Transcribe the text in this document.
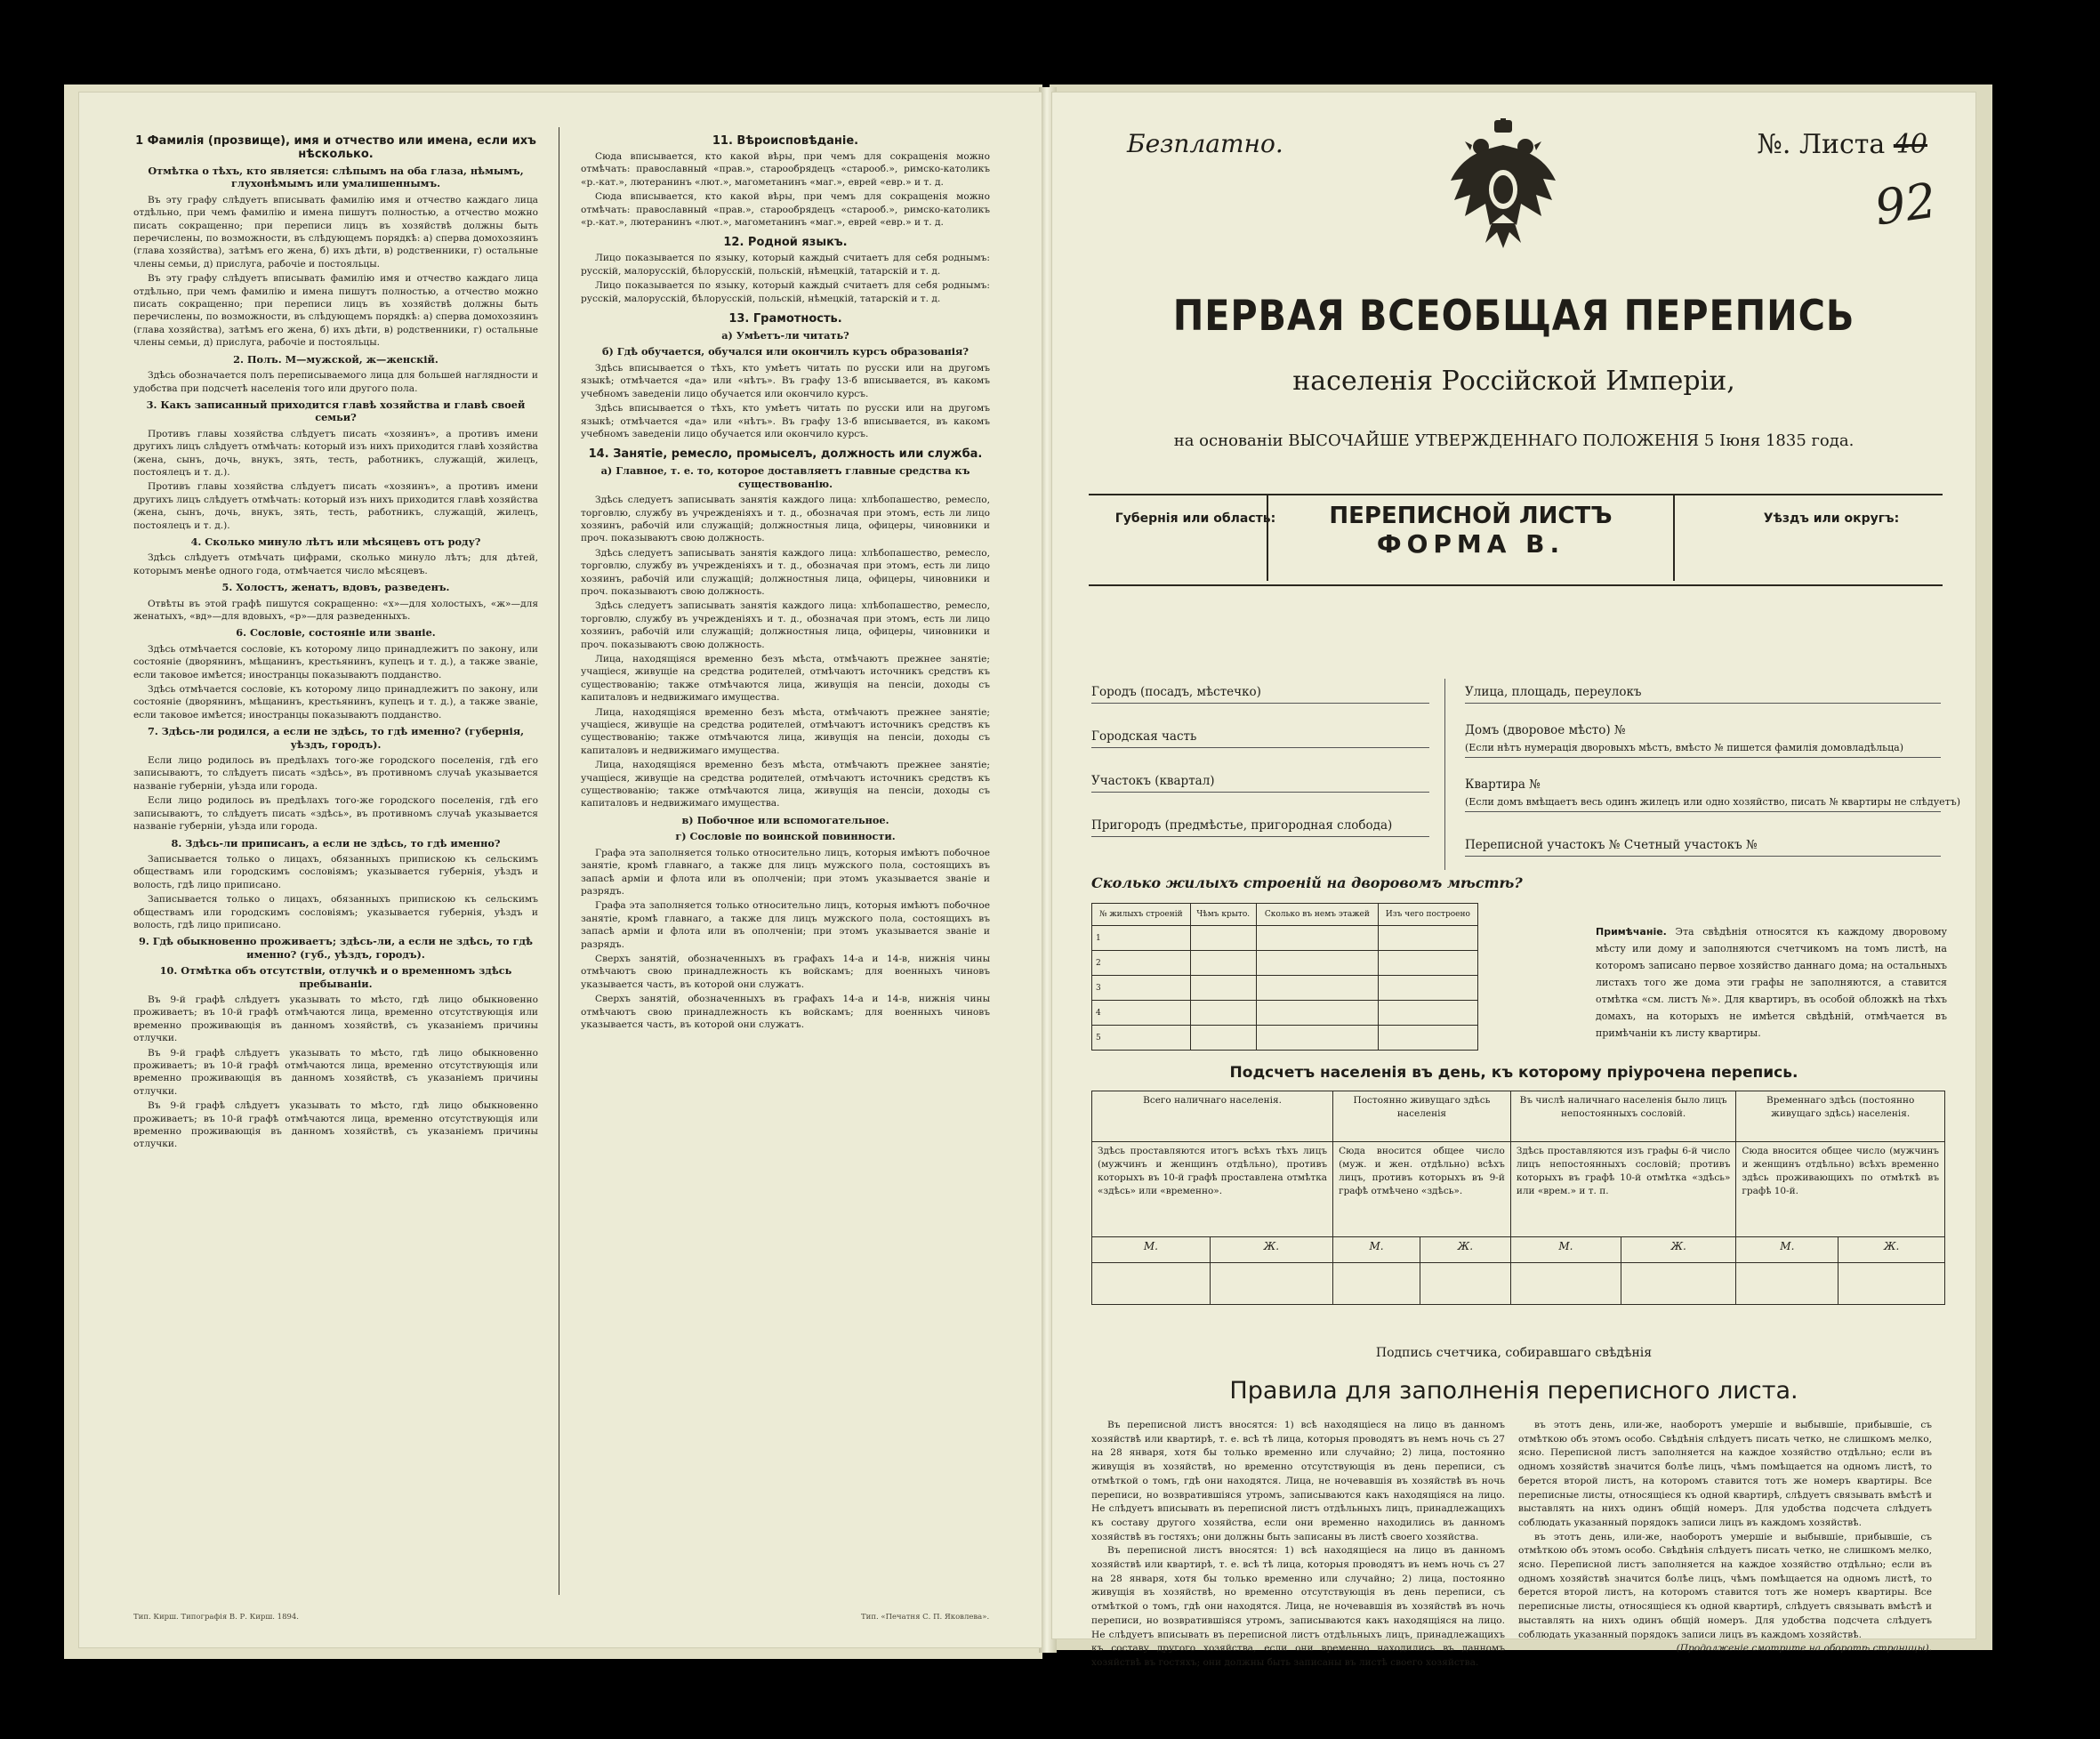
1 Фамилія (прозвище), имя и отчество или имена, если ихъ нѣсколько.

Отмѣтка о тѣхъ, кто является: слѣпымъ на оба глаза, нѣмымъ, глухонѣмымъ или умалишеннымъ.

Въ эту графу слѣдуетъ вписывать фамилію имя и отчество каждаго лица отдѣльно, при чемъ фамилію и имена пишутъ полностью, а отчество можно писать сокращенно; при переписи лицъ въ хозяйствѣ должны быть перечислены, по возможности, въ слѣдующемъ порядкѣ: а) сперва домохозяинъ (глава хозяйства), затѣмъ его жена, б) ихъ дѣти, в) родственники, г) остальные члены семьи, д) прислуга, рабочіе и постояльцы.

Въ эту графу слѣдуетъ вписывать фамилію имя и отчество каждаго лица отдѣльно, при чемъ фамилію и имена пишутъ полностью, а отчество можно писать сокращенно; при переписи лицъ въ хозяйствѣ должны быть перечислены, по возможности, въ слѣдующемъ порядкѣ: а) сперва домохозяинъ (глава хозяйства), затѣмъ его жена, б) ихъ дѣти, в) родственники, г) остальные члены семьи, д) прислуга, рабочіе и постояльцы.

2. Полъ. М—мужской, ж—женскій.

Здѣсь обозначается полъ переписываемого лица для большей наглядности и удобства при подсчетѣ населенія того или другого пола.

3. Какъ записанный приходится главѣ хозяйства и главѣ своей семьи?

Противъ главы хозяйства слѣдуетъ писать «хозяинъ», а противъ имени другихъ лицъ слѣдуетъ отмѣчать: который изъ нихъ приходится главѣ хозяйства (жена, сынъ, дочь, внукъ, зять, тесть, работникъ, служащій, жилецъ, постоялецъ и т. д.).

Противъ главы хозяйства слѣдуетъ писать «хозяинъ», а противъ имени другихъ лицъ слѣдуетъ отмѣчать: который изъ нихъ приходится главѣ хозяйства (жена, сынъ, дочь, внукъ, зять, тесть, работникъ, служащій, жилецъ, постоялецъ и т. д.).

4. Сколько минуло лѣтъ или мѣсяцевъ отъ роду?

Здѣсь слѣдуетъ отмѣчать цифрами, сколько минуло лѣтъ; для дѣтей, которымъ менѣе одного года, отмѣчается число мѣсяцевъ.

5. Холостъ, женатъ, вдовъ, разведенъ.

Отвѣты въ этой графѣ пишутся сокращенно: «х»—для холостыхъ, «ж»—для женатыхъ, «вд»—для вдовыхъ, «р»—для разведенныхъ.

6. Сословіе, состояніе или званіе.

Здѣсь отмѣчается сословіе, къ которому лицо принадлежитъ по закону, или состояніе (дворянинъ, мѣщанинъ, крестьянинъ, купецъ и т. д.), а также званіе, если таковое имѣется; иностранцы показываютъ подданство.

Здѣсь отмѣчается сословіе, къ которому лицо принадлежитъ по закону, или состояніе (дворянинъ, мѣщанинъ, крестьянинъ, купецъ и т. д.), а также званіе, если таковое имѣется; иностранцы показываютъ подданство.

7. Здѣсь-ли родился, а если не здѣсь, то гдѣ именно? (губернія, уѣздъ, городъ).

Если лицо родилось въ предѣлахъ того-же городского поселенія, гдѣ его записываютъ, то слѣдуетъ писать «здѣсь», въ противномъ случаѣ указывается названіе губерніи, уѣзда или города.

Если лицо родилось въ предѣлахъ того-же городского поселенія, гдѣ его записываютъ, то слѣдуетъ писать «здѣсь», въ противномъ случаѣ указывается названіе губерніи, уѣзда или города.

8. Здѣсь-ли приписанъ, а если не здѣсь, то гдѣ именно?

Записывается только о лицахъ, обязанныхъ припискою къ сельскимъ обществамъ или городскимъ сословіямъ; указывается губернія, уѣздъ и волость, гдѣ лицо приписано.

Записывается только о лицахъ, обязанныхъ припискою къ сельскимъ обществамъ или городскимъ сословіямъ; указывается губернія, уѣздъ и волость, гдѣ лицо приписано.

9. Гдѣ обыкновенно проживаетъ; здѣсь-ли, а если не здѣсь, то гдѣ именно? (губ., уѣздъ, городъ).

10. Отмѣтка объ отсутствіи, отлучкѣ и о временномъ здѣсь пребываніи.

Въ 9-й графѣ слѣдуетъ указывать то мѣсто, гдѣ лицо обыкновенно проживаетъ; въ 10-й графѣ отмѣчаются лица, временно отсутствующія или временно проживающія въ данномъ хозяйствѣ, съ указаніемъ причины отлучки.

Въ 9-й графѣ слѣдуетъ указывать то мѣсто, гдѣ лицо обыкновенно проживаетъ; въ 10-й графѣ отмѣчаются лица, временно отсутствующія или временно проживающія въ данномъ хозяйствѣ, съ указаніемъ причины отлучки.

Въ 9-й графѣ слѣдуетъ указывать то мѣсто, гдѣ лицо обыкновенно проживаетъ; въ 10-й графѣ отмѣчаются лица, временно отсутствующія или временно проживающія въ данномъ хозяйствѣ, съ указаніемъ причины отлучки.

11. Вѣроисповѣданіе.

Сюда вписывается, кто какой вѣры, при чемъ для сокращенія можно отмѣчать: православный «прав.», старообрядецъ «старооб.», римско-католикъ «р.-кат.», лютеранинъ «лют.», магометанинъ «маг.», еврей «евр.» и т. д.

Сюда вписывается, кто какой вѣры, при чемъ для сокращенія можно отмѣчать: православный «прав.», старообрядецъ «старооб.», римско-католикъ «р.-кат.», лютеранинъ «лют.», магометанинъ «маг.», еврей «евр.» и т. д.

12. Родной языкъ.

Лицо показывается по языку, который каждый считаетъ для себя роднымъ: русскій, малорусскій, бѣлорусскій, польскій, нѣмецкій, татарскій и т. д.

Лицо показывается по языку, который каждый считаетъ для себя роднымъ: русскій, малорусскій, бѣлорусскій, польскій, нѣмецкій, татарскій и т. д.

13. Грамотность.

а) Умѣетъ-ли читать?

б) Гдѣ обучается, обучался или окончилъ курсъ образованія?

Здѣсь вписывается о тѣхъ, кто умѣетъ читать по русски или на другомъ языкѣ; отмѣчается «да» или «нѣтъ». Въ графу 13-б вписывается, въ какомъ учебномъ заведеніи лицо обучается или окончило курсъ.

Здѣсь вписывается о тѣхъ, кто умѣетъ читать по русски или на другомъ языкѣ; отмѣчается «да» или «нѣтъ». Въ графу 13-б вписывается, въ какомъ учебномъ заведеніи лицо обучается или окончило курсъ.

14. Занятіе, ремесло, промыселъ, должность или служба.

а) Главное, т. е. то, которое доставляетъ главные средства къ существованію.

Здѣсь следуетъ записывать занятія каждого лица: хлѣбопашество, ремесло, торговлю, службу въ учрежденіяхъ и т. д., обозначая при этомъ, есть ли лицо хозяинъ, рабочій или служащій; должностныя лица, офицеры, чиновники и проч. показываютъ свою должность.

Здѣсь следуетъ записывать занятія каждого лица: хлѣбопашество, ремесло, торговлю, службу въ учрежденіяхъ и т. д., обозначая при этомъ, есть ли лицо хозяинъ, рабочій или служащій; должностныя лица, офицеры, чиновники и проч. показываютъ свою должность.

Здѣсь следуетъ записывать занятія каждого лица: хлѣбопашество, ремесло, торговлю, службу въ учрежденіяхъ и т. д., обозначая при этомъ, есть ли лицо хозяинъ, рабочій или служащій; должностныя лица, офицеры, чиновники и проч. показываютъ свою должность.

Лица, находящіяся временно безъ мѣста, отмѣчаютъ прежнее занятіе; учащіеся, живущіе на средства родителей, отмѣчаютъ источникъ средствъ къ существованію; также отмѣчаются лица, живущія на пенсіи, доходы съ капиталовъ и недвижимаго имущества.

Лица, находящіяся временно безъ мѣста, отмѣчаютъ прежнее занятіе; учащіеся, живущіе на средства родителей, отмѣчаютъ источникъ средствъ къ существованію; также отмѣчаются лица, живущія на пенсіи, доходы съ капиталовъ и недвижимаго имущества.

Лица, находящіяся временно безъ мѣста, отмѣчаютъ прежнее занятіе; учащіеся, живущіе на средства родителей, отмѣчаютъ источникъ средствъ къ существованію; также отмѣчаются лица, живущія на пенсіи, доходы съ капиталовъ и недвижимаго имущества.

в) Побочное или вспомогательное.

г) Сословіе по воинской повинности.

Графа эта заполняется только относительно лицъ, которыя имѣютъ побочное занятіе, кромѣ главнаго, а также для лицъ мужского пола, состоящихъ въ запасѣ арміи и флота или въ ополченіи; при этомъ указывается званіе и разрядъ.

Графа эта заполняется только относительно лицъ, которыя имѣютъ побочное занятіе, кромѣ главнаго, а также для лицъ мужского пола, состоящихъ въ запасѣ арміи и флота или въ ополченіи; при этомъ указывается званіе и разрядъ.

Сверхъ занятій, обозначенныхъ въ графахъ 14-а и 14-в, нижнія чины отмѣчаютъ свою принадлежность къ войскамъ; для военныхъ чиновъ указывается часть, въ которой они служатъ.

Сверхъ занятій, обозначенныхъ въ графахъ 14-а и 14-в, нижнія чины отмѣчаютъ свою принадлежность къ войскамъ; для военныхъ чиновъ указывается часть, въ которой они служатъ.

Тип. Кирш. Типографія В. Р. Кирш. 1894.	Тип. «Печатня С. П. Яковлева».
Безплатно.	№. Листа 40
92
ПЕРВАЯ ВСЕОБЩАЯ ПЕРЕПИСЬ
населенія Россійской Имперіи,
на основаніи ВЫСОЧАЙШЕ УТВЕРЖДЕННАГО ПОЛОЖЕНІЯ 5 Іюня 1835 года.
Губернія или область:	ПЕРЕПИСНОЙ ЛИСТЪ
ФОРМА В.
Уѣздъ или округъ:
Городъ (посадъ, мѣстечко)
Городская часть
Участокъ (квартал)
Пригородъ (предмѣстье, пригородная слобода)
Улица, площадь, переулокъ
Домъ (дворовое мѣсто) №
(Если нѣтъ нумерація дворовыхъ мѣстъ, вмѣсто № пишется фамилія домовладѣльца)
Квартира №
(Если домъ вмѣщаетъ весь одинъ жилецъ или одно хозяйство, писать № квартиры не слѣдуетъ)
Переписной участокъ № Счетный участокъ №
Сколько жилыхъ строеній на дворовомъ мѣстѣ?
№ жилыхъ строеній	Чѣмъ крыто.	Сколько въ немъ этажей	Изъ чего построено
1			
2			
3			
4			
5			
Примѣчаніе. Эта свѣдѣнія относятся къ каждому дворовому мѣсту или дому и заполняются счетчикомъ на томъ листѣ, на которомъ записано первое хозяйство даннаго дома; на остальныхъ листахъ того же дома эти графы не заполняются, а ставится отмѣтка «см. листъ №». Для квартиръ, въ особой обложкѣ на тѣхъ домахъ, на которыхъ не имѣется свѣдѣній, отмѣчается въ примѣчаніи къ листу квартиры.
Подсчетъ населенія въ день, къ которому пріурочена перепись.
Всего наличнаго населенія.		Постоянно живущаго здѣсь населенія		Въ числѣ наличнаго населенія было лицъ непостоянныхъ сословій.		Временнаго здѣсь (постоянно живущаго здѣсь) населенія.	
Здѣсь проставляются итогъ всѣхъ тѣхъ лицъ (мужчинъ и женщинъ отдѣльно), противъ которыхъ въ 10-й графѣ проставлена отмѣтка «здѣсь» или «временно».		Сюда вносится общее число (муж. и жен. отдѣльно) всѣхъ лицъ, противъ которыхъ въ 9-й графѣ отмѣчено «здѣсь».		Здѣсь проставляются изъ графы 6-й число лицъ непостоянныхъ сословій; противъ которыхъ въ графѣ 10-й отмѣтка «здѣсь» или «врем.» и т. п.		Сюда вносится общее число (мужчинъ и женщинъ отдѣльно) всѣхъ временно здѣсь проживающихъ по отмѣткѣ въ графѣ 10-й.	
М.	Ж.	М.	Ж.	М.	Ж.	М.	Ж.

Подпись счетчика, собиравшаго свѣдѣнія
Правила для заполненія переписного листа.

Въ переписной листъ вносятся: 1) всѣ находящіеся на лицо въ данномъ хозяйствѣ или квартирѣ, т. е. всѣ тѣ лица, которыя проводятъ въ немъ ночь съ 27 на 28 января, хотя бы только временно или случайно; 2) лица, постоянно живущія въ хозяйствѣ, но временно отсутствующія въ день переписи, съ отмѣткой о томъ, гдѣ они находятся. Лица, не ночевавшія въ хозяйствѣ въ ночь переписи, но возвратившіяся утромъ, записываются какъ находящіяся на лицо. Не слѣдуетъ вписывать въ переписной листъ отдѣльныхъ лицъ, принадлежащихъ къ составу другого хозяйства, если они временно находились въ данномъ хозяйствѣ въ гостяхъ; они должны быть записаны въ листѣ своего хозяйства.

Въ переписной листъ вносятся: 1) всѣ находящіеся на лицо въ данномъ хозяйствѣ или квартирѣ, т. е. всѣ тѣ лица, которыя проводятъ въ немъ ночь съ 27 на 28 января, хотя бы только временно или случайно; 2) лица, постоянно живущія въ хозяйствѣ, но временно отсутствующія въ день переписи, съ отмѣткой о томъ, гдѣ они находятся. Лица, не ночевавшія въ хозяйствѣ въ ночь переписи, но возвратившіяся утромъ, записываются какъ находящіяся на лицо. Не слѣдуетъ вписывать въ переписной листъ отдѣльныхъ лицъ, принадлежащихъ къ составу другого хозяйства, если они временно находились въ данномъ хозяйствѣ въ гостяхъ; они должны быть записаны въ листѣ своего хозяйства.

въ этотъ день, или-же, наоборотъ умершіе и выбывшіе, прибывшіе, съ отмѣткою объ этомъ особо. Свѣдѣнія слѣдуетъ писать четко, не слишкомъ мелко, ясно. Переписной листъ заполняется на каждое хозяйство отдѣльно; если въ одномъ хозяйствѣ значится болѣе лицъ, чѣмъ помѣщается на одномъ листѣ, то берется второй листъ, на которомъ ставится тотъ же номеръ квартиры. Все переписные листы, относящіеся къ одной квартирѣ, слѣдуетъ связывать вмѣстѣ и выставлять на нихъ одинъ общій номеръ. Для удобства подсчета слѣдуетъ соблюдать указанный порядокъ записи лицъ въ каждомъ хозяйствѣ.

въ этотъ день, или-же, наоборотъ умершіе и выбывшіе, прибывшіе, съ отмѣткою объ этомъ особо. Свѣдѣнія слѣдуетъ писать четко, не слишкомъ мелко, ясно. Переписной листъ заполняется на каждое хозяйство отдѣльно; если въ одномъ хозяйствѣ значится болѣе лицъ, чѣмъ помѣщается на одномъ листѣ, то берется второй листъ, на которомъ ставится тотъ же номеръ квартиры. Все переписные листы, относящіеся къ одной квартирѣ, слѣдуетъ связывать вмѣстѣ и выставлять на нихъ одинъ общій номеръ. Для удобства подсчета слѣдуетъ соблюдать указанный порядокъ записи лицъ въ каждомъ хозяйствѣ.

(Продолженіе смотрите на оборотѣ страницы).
